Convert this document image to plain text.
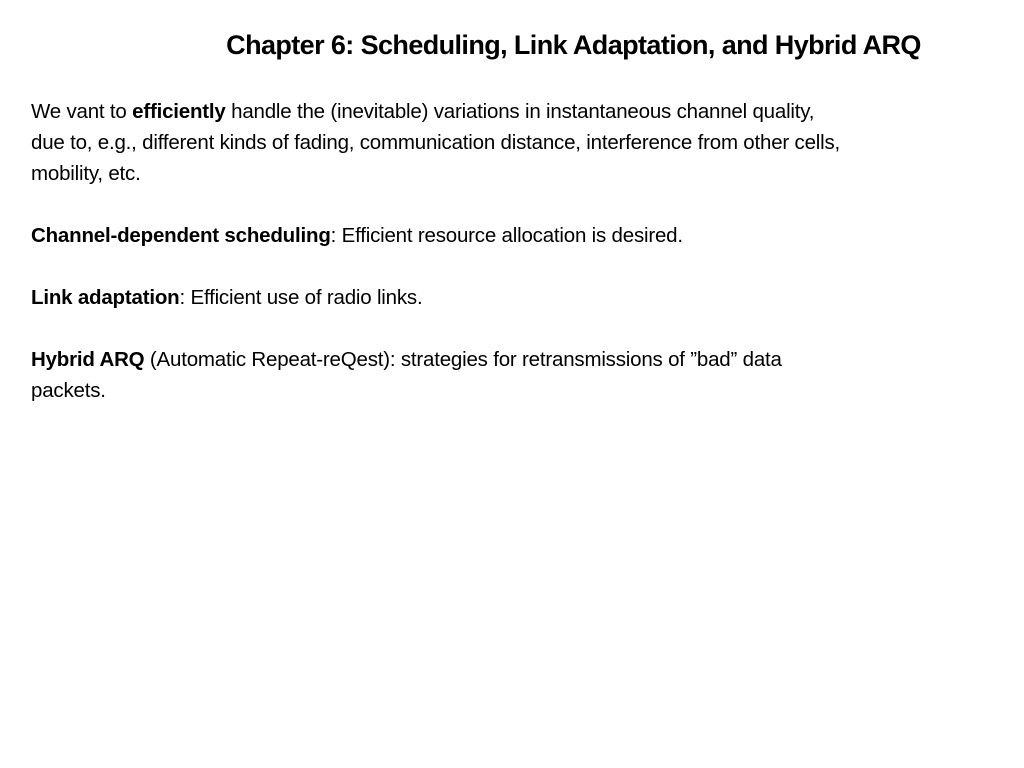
Chapter 6: Scheduling, Link Adaptation, and Hybrid ARQ

We vant to efficiently handle the (inevitable) variations in instantaneous channel quality,
due to, e.g., different kinds of fading, communication distance, interference from other cells,
mobility, etc.

Channel-dependent scheduling: Efficient resource allocation is desired.

Link adaptation: Efficient use of radio links.

Hybrid ARQ (Automatic Repeat-reQest): strategies for retransmissions of ”bad” data
packets.
